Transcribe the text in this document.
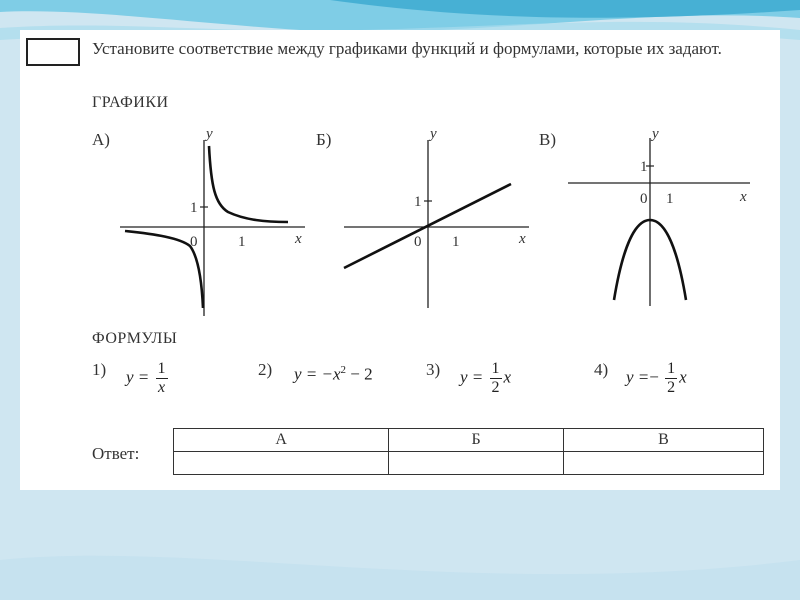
Установите соответствие между графиками функций и формулами, которые их задают.
ГРАФИКИ
А)	y
x
0	1
1
Б)	y
x
0 1
1
В)	y
x
0 1
1
ФОРМУЛЫ
1) $y = \frac{1}{x}$	2) $y = -x^2 - 2$	3) $y = \frac{1}{2}$ x	4) $y =- \frac{1}{2}$ x
Ответ:
А	Б	В
